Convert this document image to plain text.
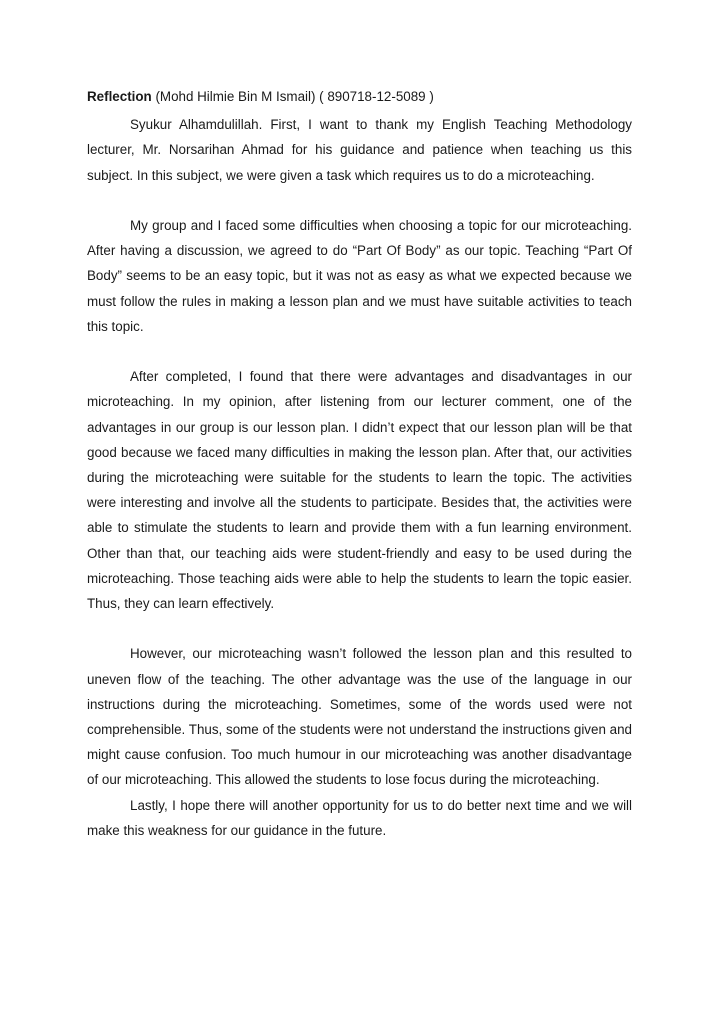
Reflection (Mohd Hilmie Bin M Ismail) ( 890718-12-5089 )

Syukur Alhamdulillah. First, I want to thank my English Teaching Methodology lecturer, Mr. Norsarihan Ahmad for his guidance and patience when teaching us this subject. In this subject, we were given a task which requires us to do a microteaching.

My group and I faced some difficulties when choosing a topic for our microteaching. After having a discussion, we agreed to do “Part Of Body” as our topic. Teaching “Part Of Body” seems to be an easy topic, but it was not as easy as what we expected because we must follow the rules in making a lesson plan and we must have suitable activities to teach this topic.

After completed, I found that there were advantages and disadvantages in our microteaching. In my opinion, after listening from our lecturer comment, one of the advantages in our group is our lesson plan. I didn’t expect that our lesson plan will be that good because we faced many difficulties in making the lesson plan. After that, our activities during the microteaching were suitable for the students to learn the topic. The activities were interesting and involve all the students to participate. Besides that, the activities were able to stimulate the students to learn and provide them with a fun learning environment. Other than that, our teaching aids were student-friendly and easy to be used during the microteaching. Those teaching aids were able to help the students to learn the topic easier. Thus, they can learn effectively.

However, our microteaching wasn’t followed the lesson plan and this resulted to uneven flow of the teaching. The other advantage was the use of the language in our instructions during the microteaching. Sometimes, some of the words used were not comprehensible. Thus, some of the students were not understand the instructions given and might cause confusion. Too much humour in our microteaching was another disadvantage of our microteaching. This allowed the students to lose focus during the microteaching.

Lastly, I hope there will another opportunity for us to do better next time and we will make this weakness for our guidance in the future.
